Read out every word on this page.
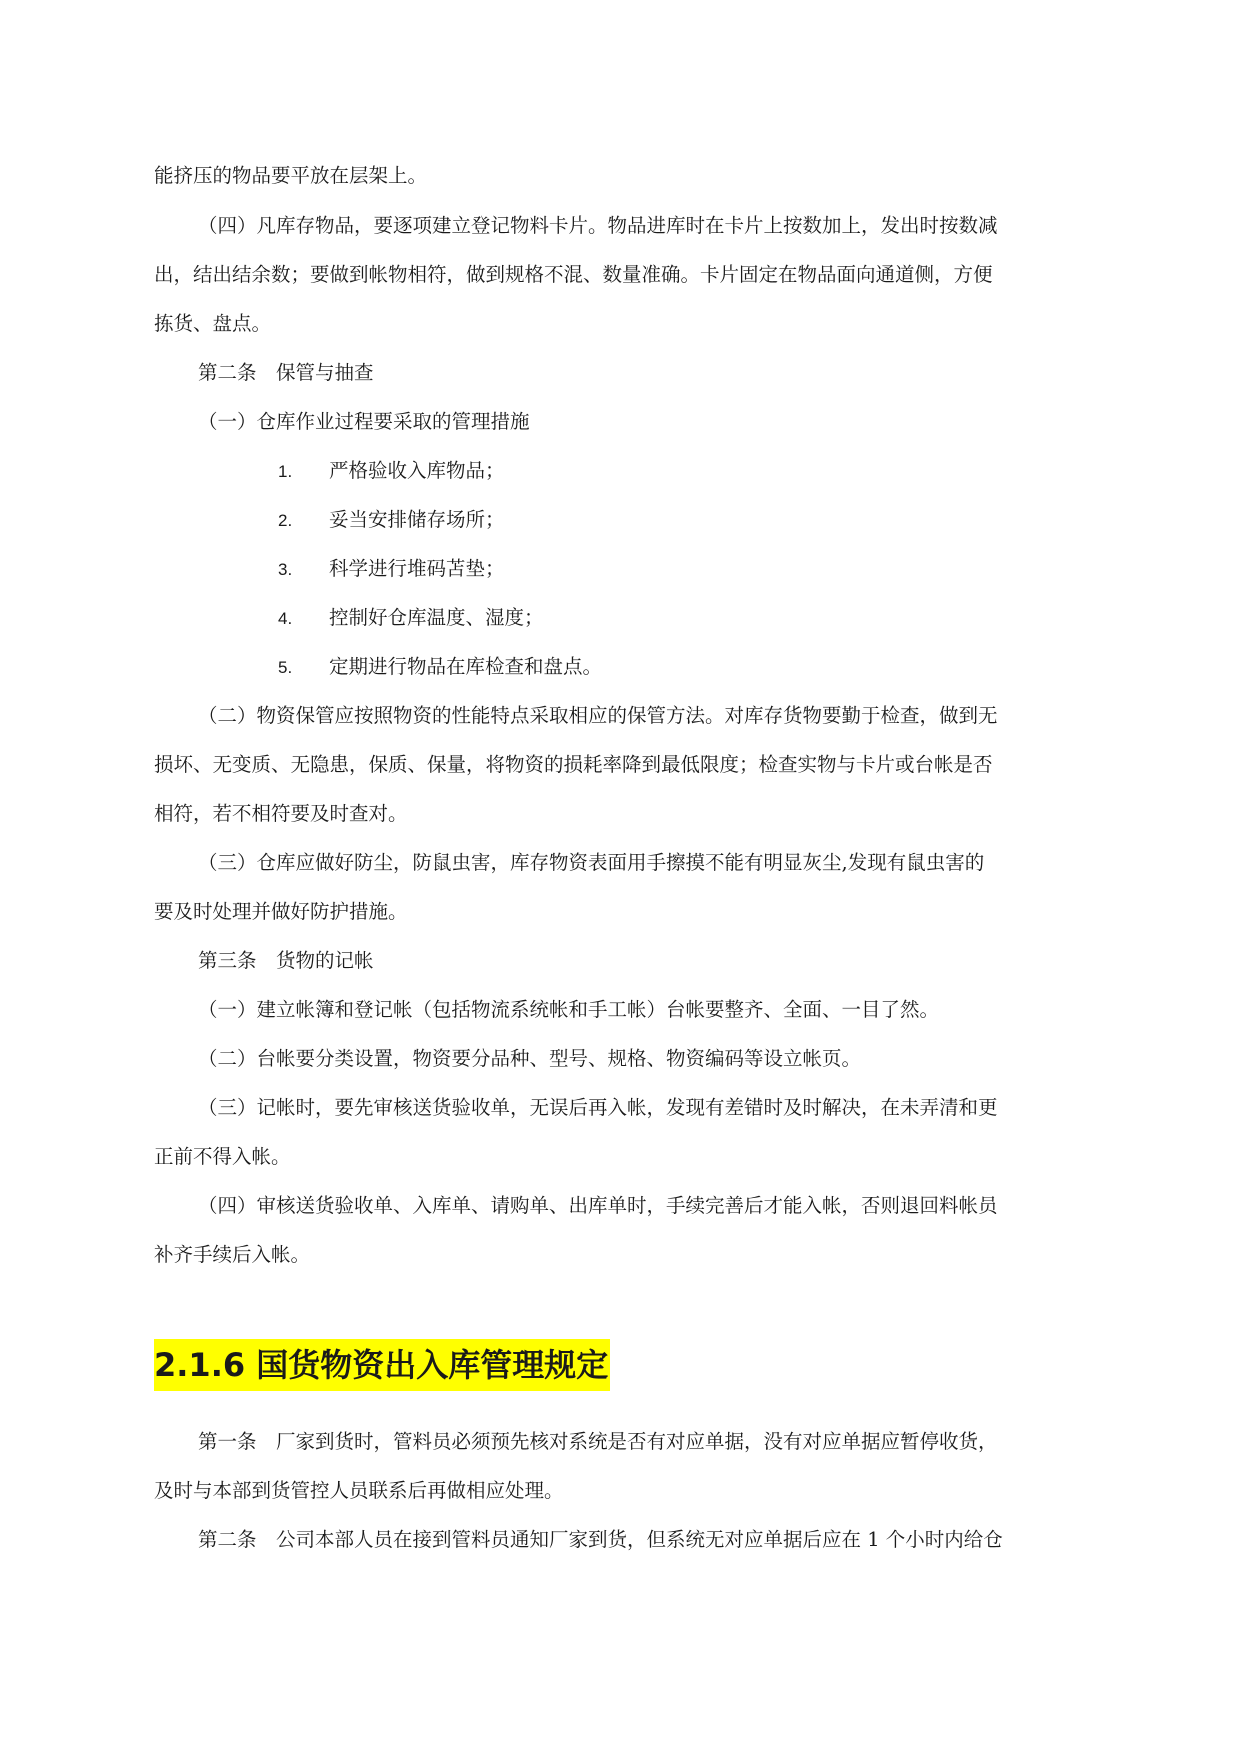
能挤压的物品要平放在层架上。
（四）凡库存物品，要逐项建立登记物料卡片。物品进库时在卡片上按数加上，发出时按数减
出，结出结余数；要做到帐物相符，做到规格不混、数量准确。卡片固定在物品面向通道侧，方便
拣货、盘点。
第二条　保管与抽查
（一）仓库作业过程要采取的管理措施
1. 严格验收入库物品；
2. 妥当安排储存场所；
3. 科学进行堆码苫垫；
4. 控制好仓库温度、湿度；
5. 定期进行物品在库检查和盘点。
（二）物资保管应按照物资的性能特点采取相应的保管方法。对库存货物要勤于检查，做到无
损坏、无变质、无隐患，保质、保量，将物资的损耗率降到最低限度；检查实物与卡片或台帐是否
相符，若不相符要及时查对。
（三）仓库应做好防尘，防鼠虫害，库存物资表面用手擦摸不能有明显灰尘,发现有鼠虫害的
要及时处理并做好防护措施。
第三条　货物的记帐
（一）建立帐簿和登记帐（包括物流系统帐和手工帐）台帐要整齐、全面、一目了然。
（二）台帐要分类设置，物资要分品种、型号、规格、物资编码等设立帐页。
（三）记帐时，要先审核送货验收单，无误后再入帐，发现有差错时及时解决，在未弄清和更
正前不得入帐。
（四）审核送货验收单、入库单、请购单、出库单时，手续完善后才能入帐，否则退回料帐员
补齐手续后入帐。
2.1.6 国货物资出入库管理规定
第一条　厂家到货时，管料员必须预先核对系统是否有对应单据，没有对应单据应暂停收货，
及时与本部到货管控人员联系后再做相应处理。
第二条　公司本部人员在接到管料员通知厂家到货，但系统无对应单据后应在 1 个小时内给仓
